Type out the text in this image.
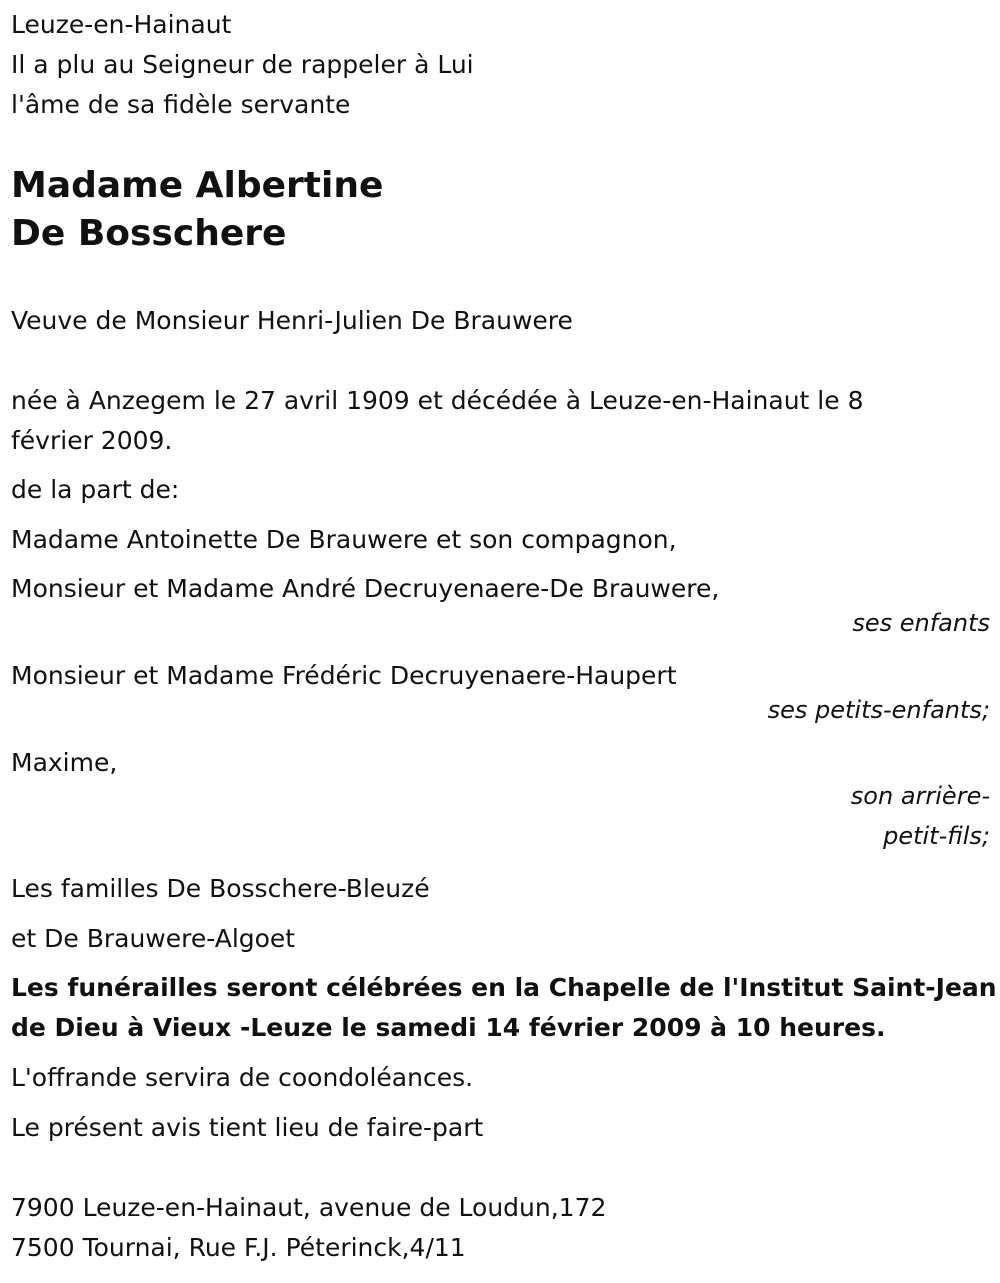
Leuze-en-Hainaut

Il a plu au Seigneur de rappeler à Lui

l'âme de sa fidèle servante

Madame Albertine

De Bosschere

Veuve de Monsieur Henri-Julien De Brauwere

née à Anzegem le 27 avril 1909 et décédée à Leuze-en-Hainaut le 8

février 2009.

de la part de:

Madame Antoinette De Brauwere et son compagnon,

Monsieur et Madame André Decruyenaere-De Brauwere,

ses enfants

Monsieur et Madame Frédéric Decruyenaere-Haupert

ses petits-enfants;

Maxime,

son arrière-

petit-fils;

Les familles De Bosschere-Bleuzé

et De Brauwere-Algoet

Les funérailles seront célébrées en la Chapelle de l'Institut Saint-Jean

de Dieu à Vieux -Leuze le samedi 14 février 2009 à 10 heures.

L'offrande servira de coondoléances.

Le présent avis tient lieu de faire-part

7900 Leuze-en-Hainaut, avenue de Loudun,172

7500 Tournai, Rue F.J. Péterinck,4/11
